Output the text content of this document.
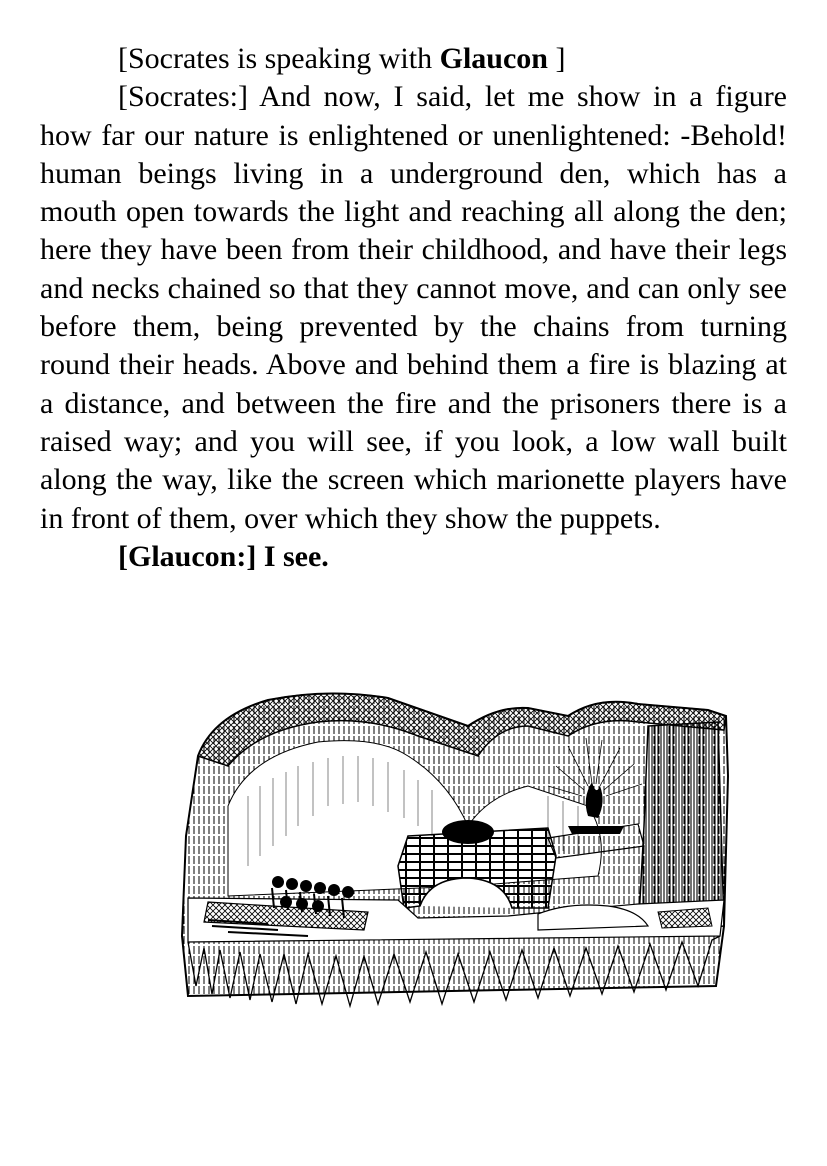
[Socrates is speaking with Glaucon ]

[Socrates:] And now, I said, let me show in a figure how far our nature is enlightened or unenlightened: -Behold! human beings living in a underground den, which has a mouth open towards the light and reaching all along the den; here they have been from their childhood, and have their legs and necks chained so that they cannot move, and can only see before them, being prevented by the chains from turning round their heads. Above and behind them a fire is blazing at a distance, and between the fire and the prisoners there is a raised way; and you will see, if you look, a low wall built along the way, like the screen which marionette players have in front of them, over which they show the puppets.

[Glaucon:] I see.
